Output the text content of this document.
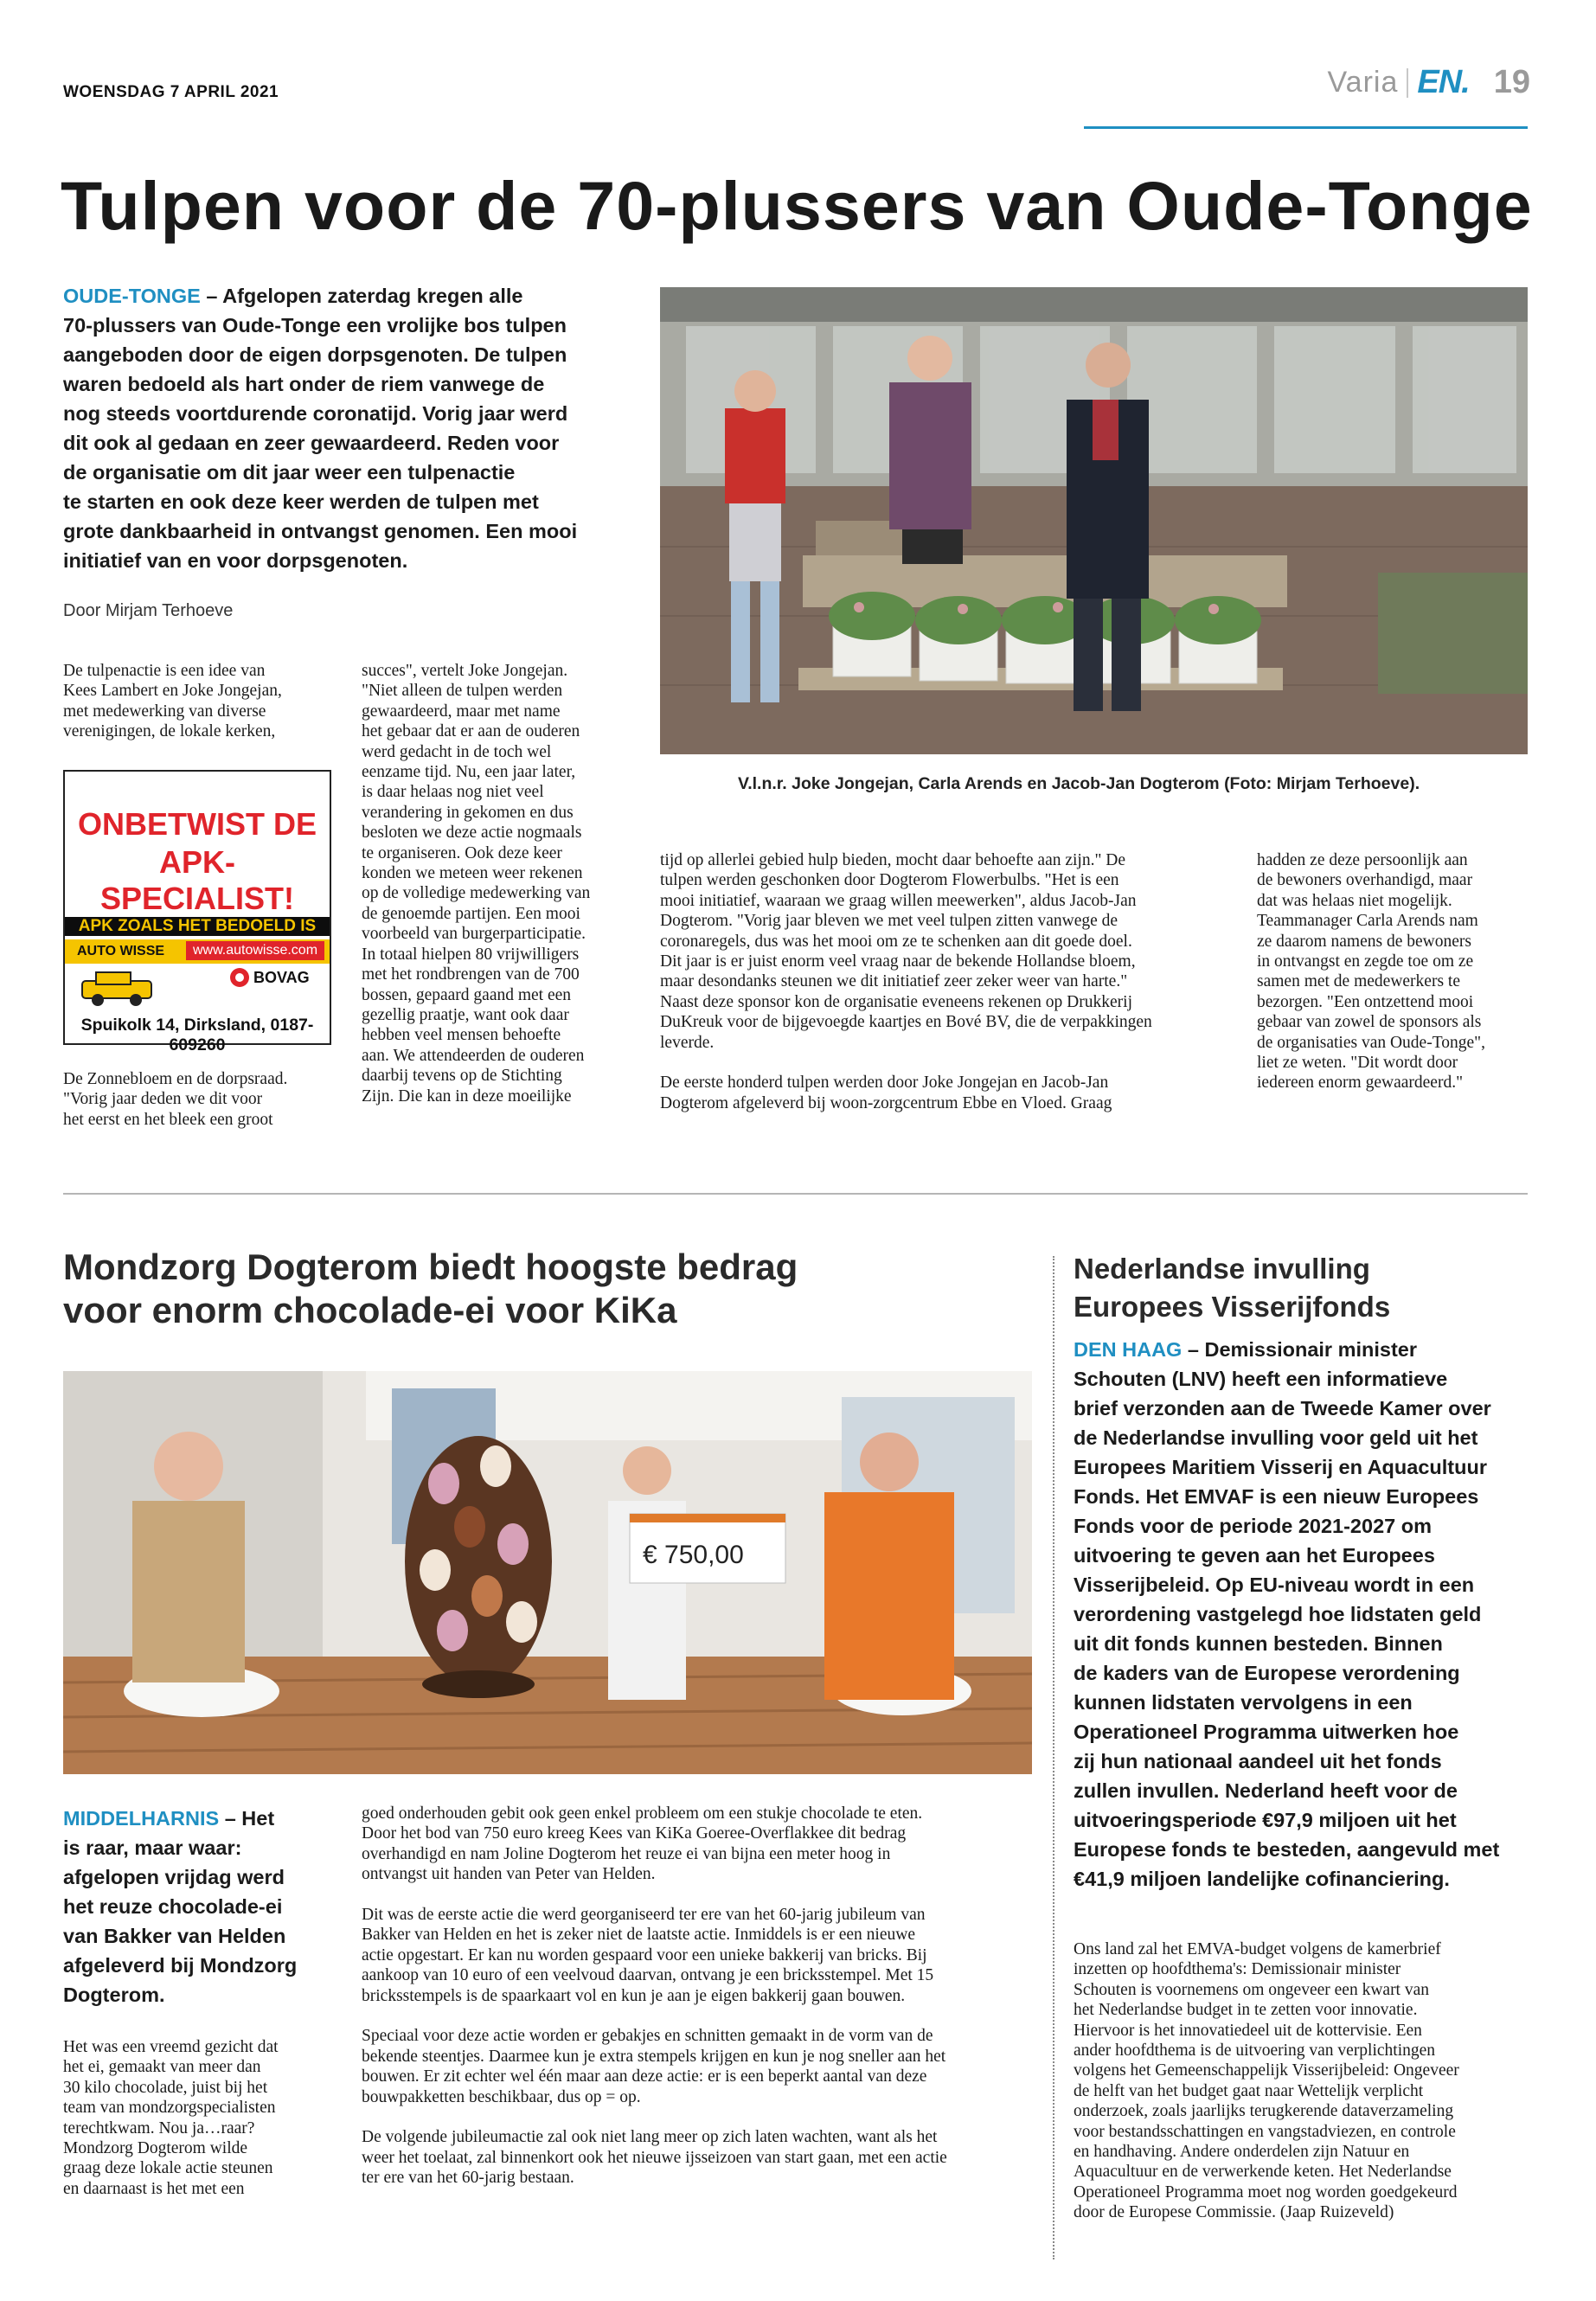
WOENSDAG 7 APRIL 2021	Varia EN. 19
Tulpen voor de 70-plussers van Oude-Tonge
OUDE-TONGE – Afgelopen zaterdag kregen alle
70-plussers van Oude-Tonge een vrolijke bos tulpen
aangeboden door de eigen dorpsgenoten. De tulpen
waren bedoeld als hart onder de riem vanwege de
nog steeds voortdurende coronatijd. Vorig jaar werd
dit ook al gedaan en zeer gewaardeerd. Reden voor
de organisatie om dit jaar weer een tulpenactie
te starten en ook deze keer werden de tulpen met
grote dankbaarheid in ontvangst genomen. Een mooi
initiatief van en voor dorpsgenoten.
Door Mirjam Terhoeve
V.l.n.r. Joke Jongejan, Carla Arends en Jacob-Jan Dogterom (Foto: Mirjam Terhoeve).
De tulpenactie is een idee van
Kees Lambert en Joke Jongejan,
met medewerking van diverse
verenigingen, de lokale kerken,
ONBETWIST DE
APK-SPECIALIST!
APK ZOALS HET BEDOELD IS
AUTO WISSE	www.autowisse.com
BOVAG
Spuikolk 14, Dirksland, 0187-609260
De Zonnebloem en de dorpsraad.
"Vorig jaar deden we dit voor
het eerst en het bleek een groot
succes", vertelt Joke Jongejan.
"Niet alleen de tulpen werden
gewaardeerd, maar met name
het gebaar dat er aan de ouderen
werd gedacht in de toch wel
eenzame tijd. Nu, een jaar later,
is daar helaas nog niet veel
verandering in gekomen en dus
besloten we deze actie nogmaals
te organiseren. Ook deze keer
konden we meteen weer rekenen
op de volledige medewerking van
de genoemde partijen. Een mooi
voorbeeld van burgerparticipatie.
In totaal hielpen 80 vrijwilligers
met het rondbrengen van de 700
bossen, gepaard gaand met een
gezellig praatje, want ook daar
hebben veel mensen behoefte
aan. We attendeerden de ouderen
daarbij tevens op de Stichting
Zijn. Die kan in deze moeilijke
tijd op allerlei gebied hulp bieden, mocht daar behoefte aan zijn." De
tulpen werden geschonken door Dogterom Flowerbulbs. "Het is een
mooi initiatief, waaraan we graag willen meewerken", aldus Jacob-Jan
Dogterom. "Vorig jaar bleven we met veel tulpen zitten vanwege de
coronaregels, dus was het mooi om ze te schenken aan dit goede doel.
Dit jaar is er juist enorm veel vraag naar de bekende Hollandse bloem,
maar desondanks steunen we dit initiatief zeer zeker weer van harte."
Naast deze sponsor kon de organisatie eveneens rekenen op Drukkerij
DuKreuk voor de bijgevoegde kaartjes en Bové BV, die de verpakkingen
leverde.
De eerste honderd tulpen werden door Joke Jongejan en Jacob-Jan
Dogterom afgeleverd bij woon-zorgcentrum Ebbe en Vloed. Graag
hadden ze deze persoonlijk aan
de bewoners overhandigd, maar
dat was helaas niet mogelijk.
Teammanager Carla Arends nam
ze daarom namens de bewoners
in ontvangst en zegde toe om ze
samen met de medewerkers te
bezorgen. "Een ontzettend mooi
gebaar van zowel de sponsors als
de organisaties van Oude-Tonge",
liet ze weten. "Dit wordt door
iedereen enorm gewaardeerd."
Mondzorg Dogterom biedt hoogste bedrag
voor enorm chocolade-ei voor KiKa
€ 750,00
MIDDELHARNIS – Het
is raar, maar waar:
afgelopen vrijdag werd
het reuze chocolade-ei
van Bakker van Helden
afgeleverd bij Mondzorg
Dogterom.
Het was een vreemd gezicht dat
het ei, gemaakt van meer dan
30 kilo chocolade, juist bij het
team van mondzorgspecialisten
terechtkwam. Nou ja…raar?
Mondzorg Dogterom wilde
graag deze lokale actie steunen
en daarnaast is het met een
goed onderhouden gebit ook geen enkel probleem om een stukje chocolade te eten.
Door het bod van 750 euro kreeg Kees van KiKa Goeree-Overflakkee dit bedrag
overhandigd en nam Joline Dogterom het reuze ei van bijna een meter hoog in
ontvangst uit handen van Peter van Helden.
Dit was de eerste actie die werd georganiseerd ter ere van het 60-jarig jubileum van
Bakker van Helden en het is zeker niet de laatste actie. Inmiddels is er een nieuwe
actie opgestart. Er kan nu worden gespaard voor een unieke bakkerij van bricks. Bij
aankoop van 10 euro of een veelvoud daarvan, ontvang je een bricksstempel. Met 15
bricksstempels is de spaarkaart vol en kun je aan je eigen bakkerij gaan bouwen.
Speciaal voor deze actie worden er gebakjes en schnitten gemaakt in de vorm van de
bekende steentjes. Daarmee kun je extra stempels krijgen en kun je nog sneller aan het
bouwen. Er zit echter wel één maar aan deze actie: er is een beperkt aantal van deze
bouwpakketten beschikbaar, dus op = op.
De volgende jubileumactie zal ook niet lang meer op zich laten wachten, want als het
weer het toelaat, zal binnenkort ook het nieuwe ijsseizoen van start gaan, met een actie
ter ere van het 60-jarig bestaan.
Nederlandse invulling
Europees Visserijfonds
DEN HAAG – Demissionair minister
Schouten (LNV) heeft een informatieve
brief verzonden aan de Tweede Kamer over
de Nederlandse invulling voor geld uit het
Europees Maritiem Visserij en Aquacultuur
Fonds. Het EMVAF is een nieuw Europees
Fonds voor de periode 2021-2027 om
uitvoering te geven aan het Europees
Visserijbeleid. Op EU-niveau wordt in een
verordening vastgelegd hoe lidstaten geld
uit dit fonds kunnen besteden. Binnen
de kaders van de Europese verordening
kunnen lidstaten vervolgens in een
Operationeel Programma uitwerken hoe
zij hun nationaal aandeel uit het fonds
zullen invullen. Nederland heeft voor de
uitvoeringsperiode €97,9 miljoen uit het
Europese fonds te besteden, aangevuld met
€41,9 miljoen landelijke cofinanciering.
Ons land zal het EMVA-budget volgens de kamerbrief
inzetten op hoofdthema's: Demissionair minister
Schouten is voornemens om ongeveer een kwart van
het Nederlandse budget in te zetten voor innovatie.
Hiervoor is het innovatiedeel uit de kottervisie. Een
ander hoofdthema is de uitvoering van verplichtingen
volgens het Gemeenschappelijk Visserijbeleid: Ongeveer
de helft van het budget gaat naar Wettelijk verplicht
onderzoek, zoals jaarlijks terugkerende dataverzameling
voor bestandsschattingen en vangstadviezen, en controle
en handhaving. Andere onderdelen zijn Natuur en
Aquacultuur en de verwerkende keten. Het Nederlandse
Operationeel Programma moet nog worden goedgekeurd
door de Europese Commissie. (Jaap Ruizeveld)
